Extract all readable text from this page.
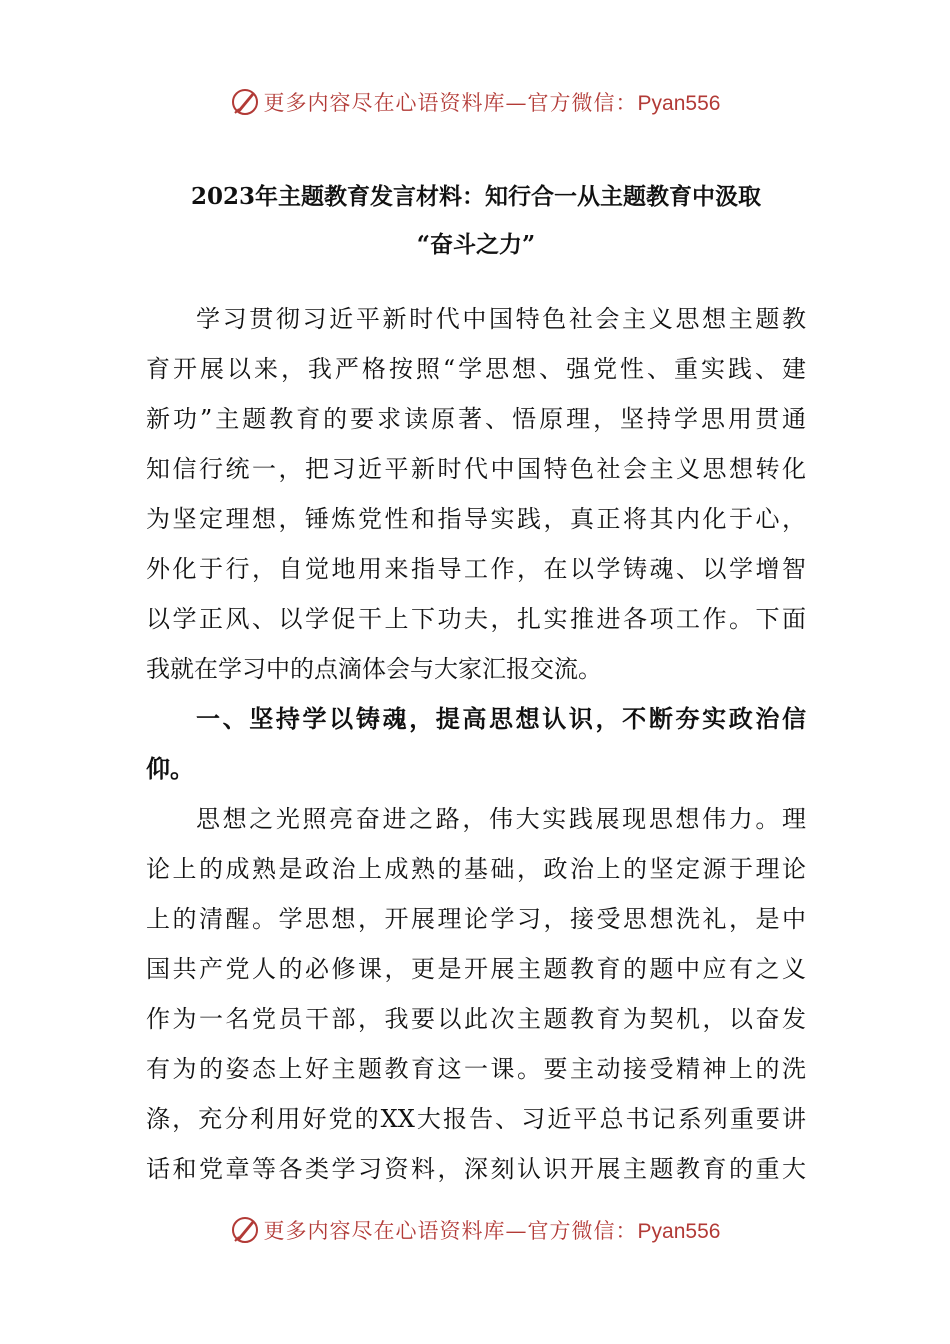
更多内容尽在心语资料库—官方微信：Pyan556
2023年主题教育发言材料：知行合一从主题教育中汲取
“奋斗之力”
学习贯彻习近平新时代中国特色社会主义思想主题教
育开展以来，我严格按照“学思想、强党性、重实践、建
新功”主题教育的要求读原著、悟原理，坚持学思用贯通
知信行统一，把习近平新时代中国特色社会主义思想转化
为坚定理想，锤炼党性和指导实践，真正将其内化于心，
外化于行，自觉地用来指导工作，在以学铸魂、以学增智
以学正风、以学促干上下功夫，扎实推进各项工作。下面
我就在学习中的点滴体会与大家汇报交流。
一、坚持学以铸魂，提高思想认识，不断夯实政治信
仰。
思想之光照亮奋进之路，伟大实践展现思想伟力。理
论上的成熟是政治上成熟的基础，政治上的坚定源于理论
上的清醒。学思想，开展理论学习，接受思想洗礼，是中
国共产党人的必修课，更是开展主题教育的题中应有之义
作为一名党员干部，我要以此次主题教育为契机，以奋发
有为的姿态上好主题教育这一课。要主动接受精神上的洗
涤，充分利用好党的XX大报告、习近平总书记系列重要讲
话和党章等各类学习资料，深刻认识开展主题教育的重大
更多内容尽在心语资料库—官方微信：Pyan556
